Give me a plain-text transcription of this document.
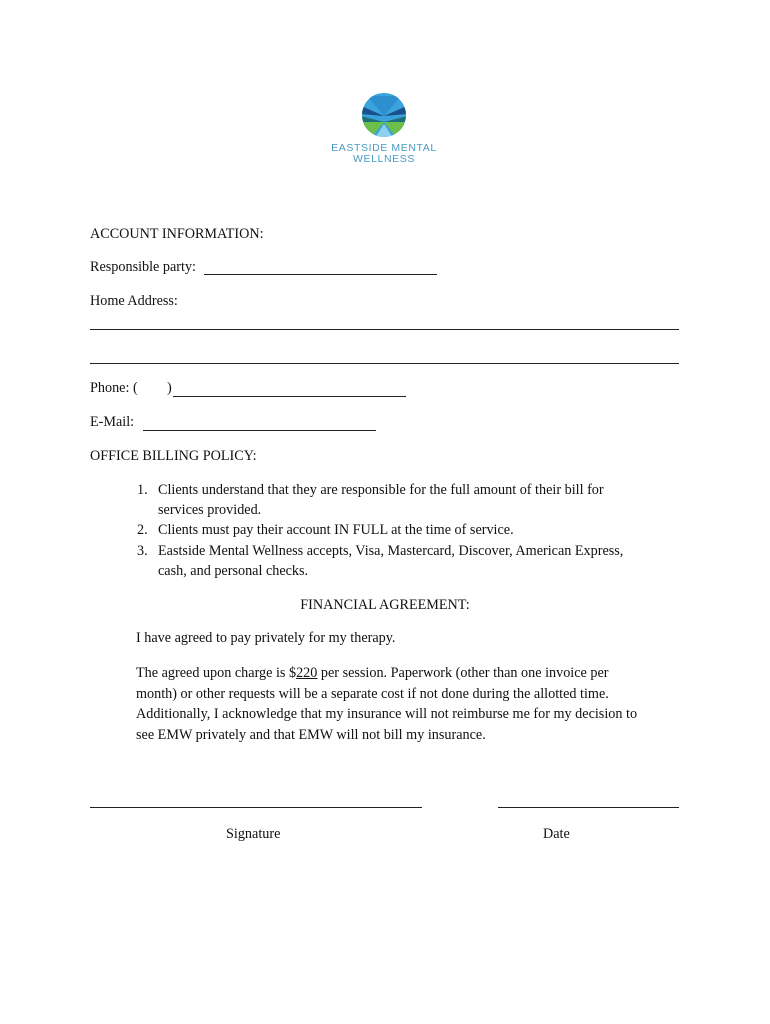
EASTSIDE MENTAL
WELLNESS
ACCOUNT INFORMATION:
Responsible party:
Home Address:
Phone: ( )
E-Mail:
OFFICE BILLING POLICY:
1. Clients understand that they are responsible for the full amount of their bill for
services provided.
2. Clients must pay their account IN FULL at the time of service.
3. Eastside Mental Wellness accepts, Visa, Mastercard, Discover, American Express,
cash, and personal checks.
FINANCIAL AGREEMENT:
I have agreed to pay privately for my therapy.
The agreed upon charge is $220 per session. Paperwork (other than one invoice per
month) or other requests will be a separate cost if not done during the allotted time.
Additionally, I acknowledge that my insurance will not reimburse me for my decision to
see EMW privately and that EMW will not bill my insurance.
Signature	Date
